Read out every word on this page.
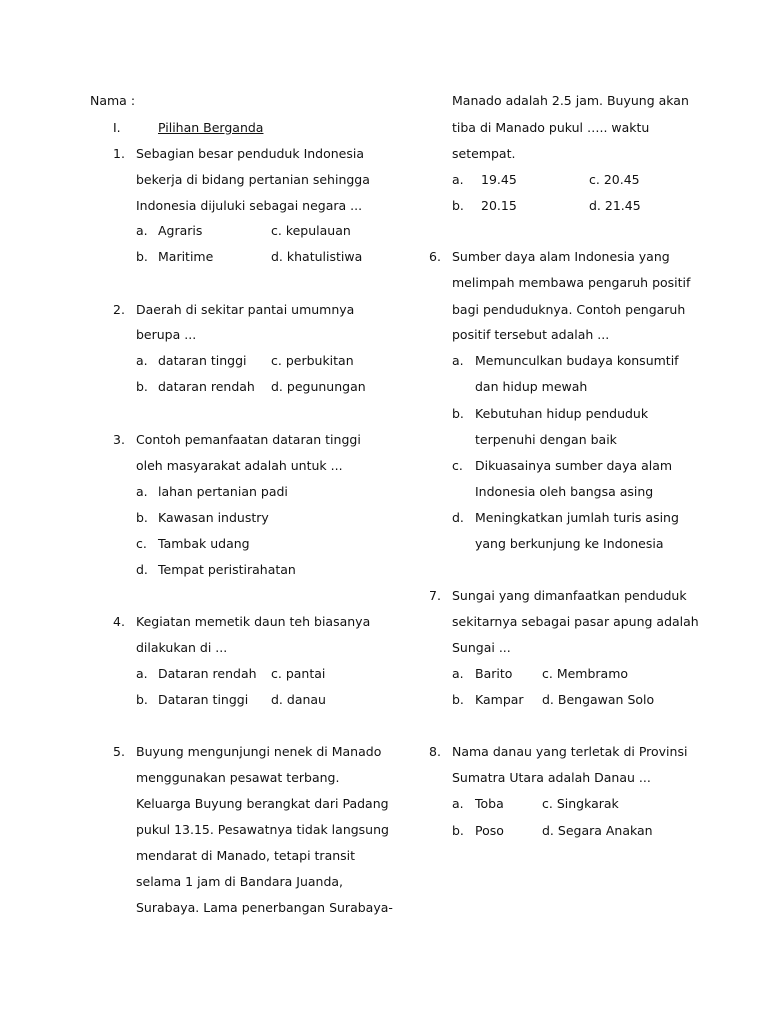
Nama :
I.	Pilihan Berganda
1. Sebagian besar penduduk Indonesia
bekerja di bidang pertanian sehingga
Indonesia dijuluki sebagai negara ...
a. Agraris	c. kepulauan
b. Maritime	d. khatulistiwa
2. Daerah di sekitar pantai umumnya
berupa ...
a. dataran tinggi c. perbukitan
b. dataran rendah d. pegunungan
3. Contoh pemanfaatan dataran tinggi
oleh masyarakat adalah untuk ...
a. lahan pertanian padi
b. Kawasan industry
c. Tambak udang
d. Tempat peristirahatan
4. Kegiatan memetik daun teh biasanya
dilakukan di ...
a. Dataran rendah c. pantai
b. Dataran tinggi d. danau
5. Buyung mengunjungi nenek di Manado
menggunakan pesawat terbang.
Keluarga Buyung berangkat dari Padang
pukul 13.15. Pesawatnya tidak langsung
mendarat di Manado, tetapi transit
selama 1 jam di Bandara Juanda,
Surabaya. Lama penerbangan Surabaya-
Manado adalah 2.5 jam. Buyung akan
tiba di Manado pukul ….. waktu
setempat.
a. 19.45	c. 20.45
b. 20.15	d. 21.45
6. Sumber daya alam Indonesia yang
melimpah membawa pengaruh positif
bagi penduduknya. Contoh pengaruh
positif tersebut adalah ...
a. Memunculkan budaya konsumtif
dan hidup mewah
b. Kebutuhan hidup penduduk
terpenuhi dengan baik
c. Dikuasainya sumber daya alam
Indonesia oleh bangsa asing
d. Meningkatkan jumlah turis asing
yang berkunjung ke Indonesia
7. Sungai yang dimanfaatkan penduduk
sekitarnya sebagai pasar apung adalah
Sungai ...
a. Barito c. Membramo
b. Kampar d. Bengawan Solo
8. Nama danau yang terletak di Provinsi
Sumatra Utara adalah Danau ...
a. Toba	c. Singkarak
b. Poso	d. Segara Anakan
